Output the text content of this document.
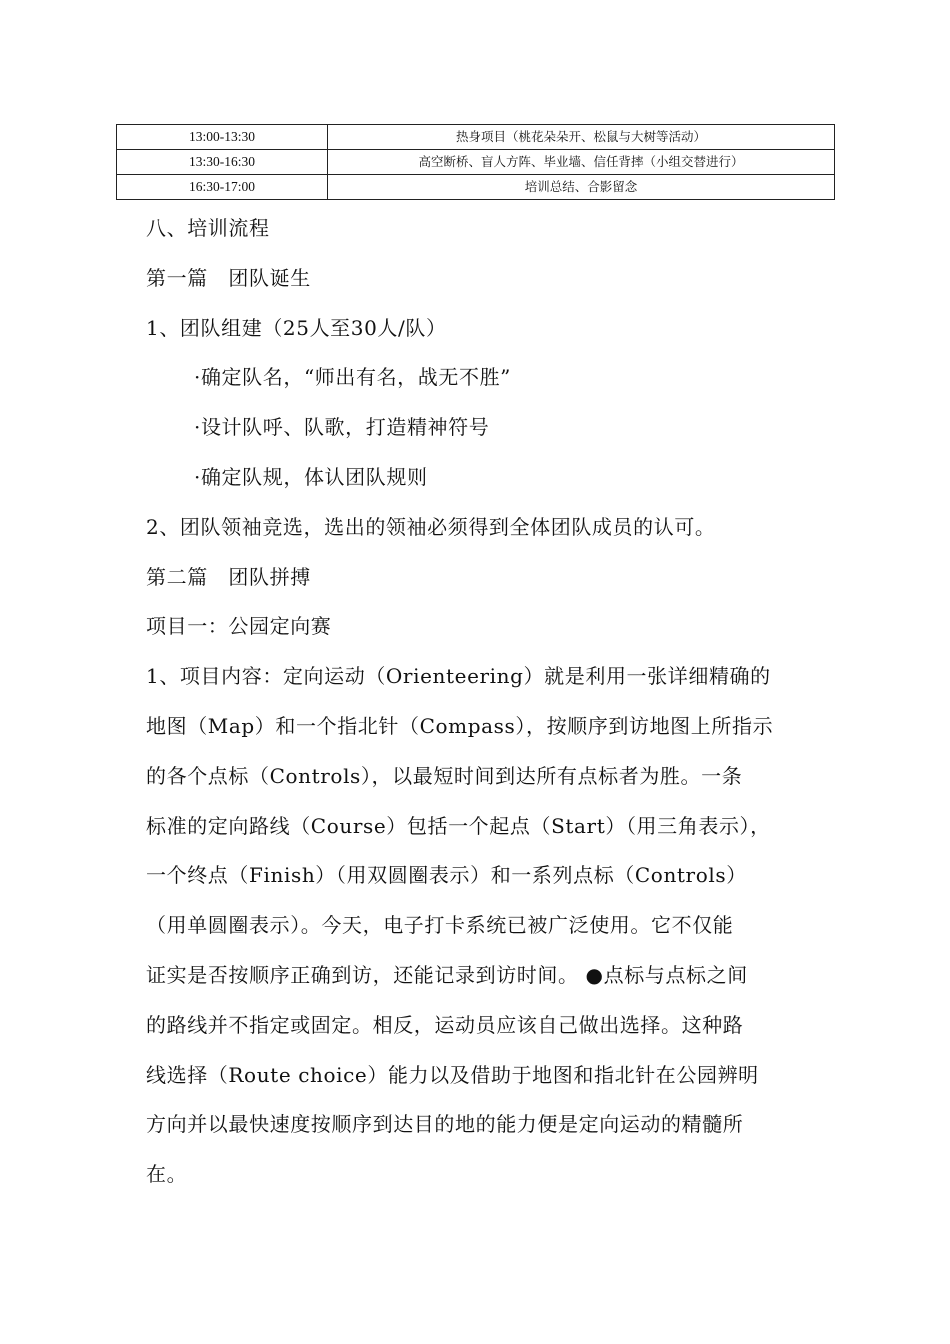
13:00-13:30	热身项目（桃花朵朵开、松鼠与大树等活动）
13:30-16:30	高空断桥、盲人方阵、毕业墙、信任背摔（小组交替进行）
16:30-17:00	培训总结、合影留念

八、培训流程

第一篇　团队诞生

1、团队组建（25人至30人/队）

·确定队名，“师出有名，战无不胜”

·设计队呼、队歌，打造精神符号

·确定队规，体认团队规则

2、团队领袖竞选，选出的领袖必须得到全体团队成员的认可。

第二篇　团队拼搏

项目一：公园定向赛

1、项目内容：定向运动（Orienteering）就是利用一张详细精确的

地图（Map）和一个指北针（Compass），按顺序到访地图上所指示

的各个点标（Controls），以最短时间到达所有点标者为胜。一条

标准的定向路线（Course）包括一个起点（Start）（用三角表示），

一个终点（Finish）（用双圆圈表示）和一系列点标（Controls）

（用单圆圈表示）。今天，电子打卡系统已被广泛使用。它不仅能

证实是否按顺序正确到访，还能记录到访时间。 ●点标与点标之间

的路线并不指定或固定。相反，运动员应该自己做出选择。这种路

线选择（Route choice）能力以及借助于地图和指北针在公园辨明

方向并以最快速度按顺序到达目的地的能力便是定向运动的精髓所

在。
